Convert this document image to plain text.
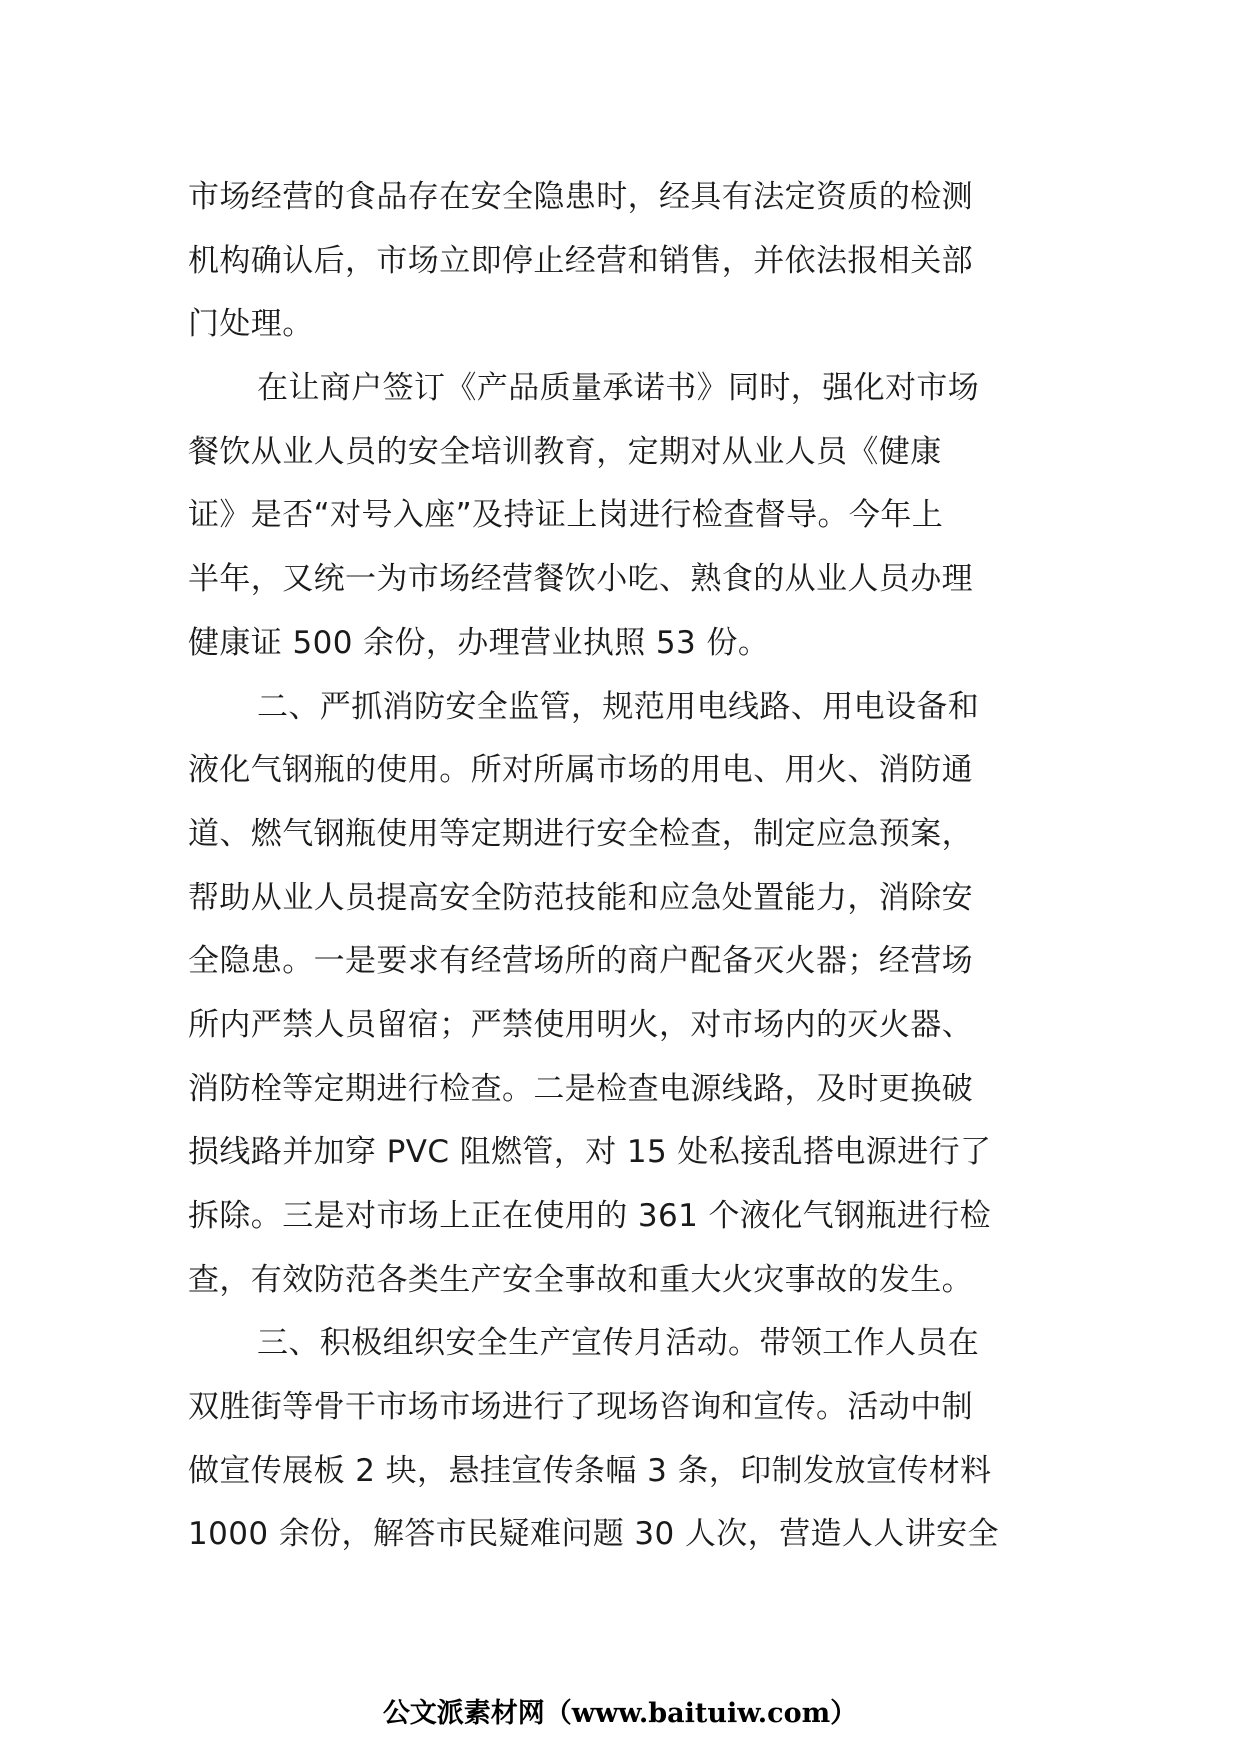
市场经营的食品存在安全隐患时，经具有法定资质的检测
机构确认后，市场立即停止经营和销售，并依法报相关部
门处理。
在让商户签订《产品质量承诺书》同时，强化对市场
餐饮从业人员的安全培训教育，定期对从业人员《健康
证》是否“对号入座”及持证上岗进行检查督导。今年上
半年，又统一为市场经营餐饮小吃、熟食的从业人员办理
健康证 500 余份，办理营业执照 53 份。
二、严抓消防安全监管，规范用电线路、用电设备和
液化气钢瓶的使用。所对所属市场的用电、用火、消防通
道、燃气钢瓶使用等定期进行安全检查，制定应急预案，
帮助从业人员提高安全防范技能和应急处置能力，消除安
全隐患。一是要求有经营场所的商户配备灭火器；经营场
所内严禁人员留宿；严禁使用明火，对市场内的灭火器、
消防栓等定期进行检查。二是检查电源线路，及时更换破
损线路并加穿 PVC 阻燃管，对 15 处私接乱搭电源进行了
拆除。三是对市场上正在使用的 361 个液化气钢瓶进行检
查，有效防范各类生产安全事故和重大火灾事故的发生。
三、积极组织安全生产宣传月活动。带领工作人员在
双胜街等骨干市场市场进行了现场咨询和宣传。活动中制
做宣传展板 2 块，悬挂宣传条幅 3 条，印制发放宣传材料
1000 余份，解答市民疑难问题 30 人次，营造人人讲安全
公文派素材网（www.baituiw.com）
